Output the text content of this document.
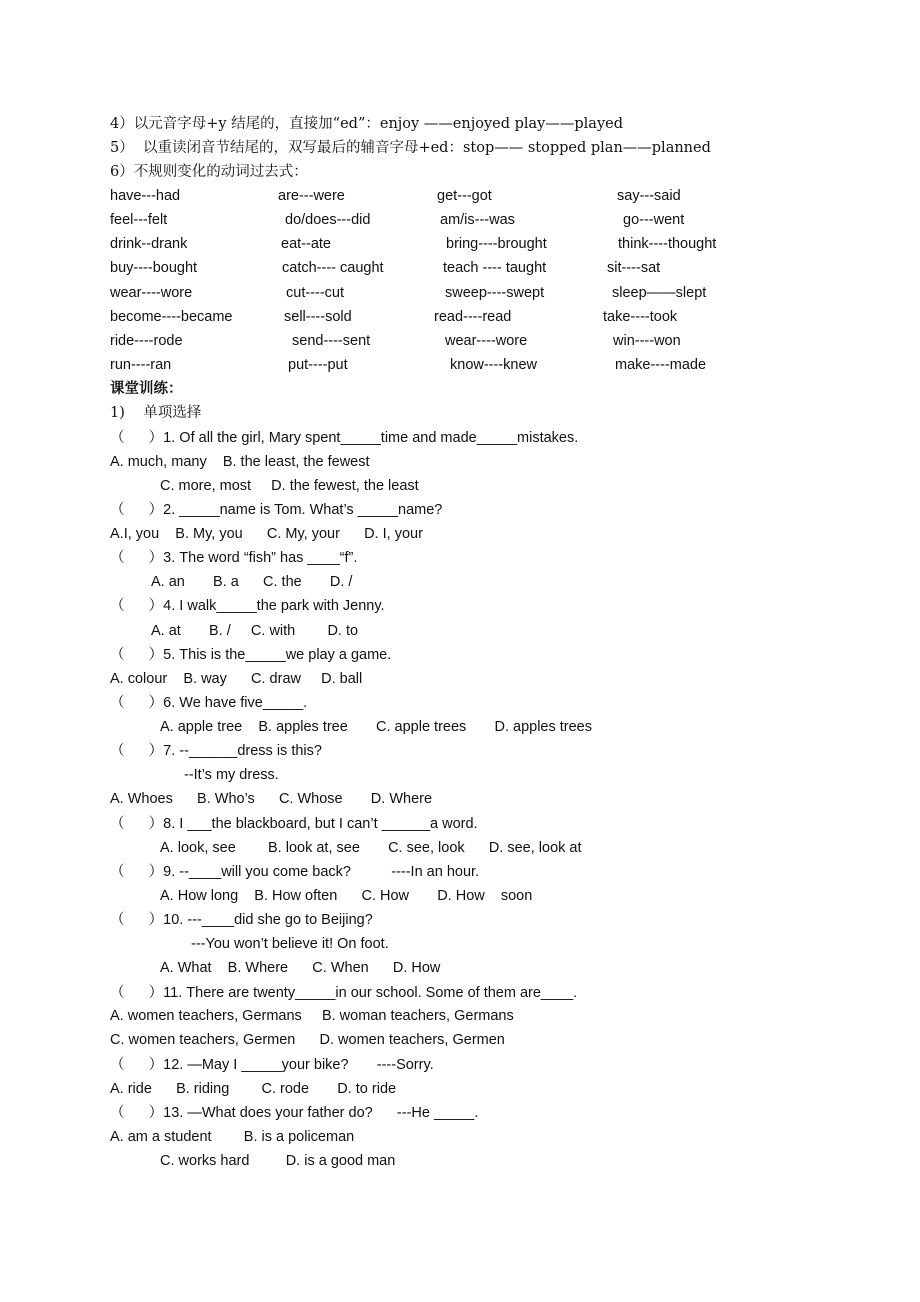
4）以元音字母+y 结尾的，直接加“ed”：enjoy ——enjoyed play——played
5）  以重读闭音节结尾的，双写最后的辅音字母+ed：stop—— stopped plan——planned
6）不规则变化的动词过去式：
have---had	are---were	get---got	say---said
feel---felt	do/does---did	am/is---was	go---went
drink--drank	eat--ate	bring----brought	think----thought
buy----bought	catch---- caught	teach ---- taught	sit----sat
wear----wore	cut----cut	sweep----swept	sleep——slept
become----became	sell----sold	read----read	take----took
ride----rode	send----sent	wear----wore	win----won
run----ran	put----put	know----knew	make----made
课堂训练：
1)    单项选择
（      ）1. Of all the girl, Mary spent_____time and made_____mistakes.
A. much, many    B. the least, the fewest
C. more, most     D. the fewest, the least
（      ）2. _____name is Tom. What’s _____name?
A.I, you    B. My, you      C. My, your      D. I, your
（      ）3. The word “fish” has ____“f”.
A. an       B. a      C. the       D. /
（      ）4. I walk_____the park with Jenny.
A. at       B. /     C. with        D. to
（      ）5. This is the_____we play a game.
A. colour    B. way      C. draw     D. ball
（      ）6. We have five_____.
A. apple tree    B. apples tree       C. apple trees       D. apples trees
（      ）7. --______dress is this?
--It’s my dress.
A. Whoes      B. Who’s      C. Whose       D. Where
（      ）8. I ___the blackboard, but I can’t ______a word.
A. look, see        B. look at, see       C. see, look      D. see, look at
（      ）9. --____will you come back?          ----In an hour.
A. How long    B. How often      C. How       D. How    soon
（      ）10. ---____did she go to Beijing?
---You won’t believe it! On foot.
A. What    B. Where      C. When      D. How
（      ）11. There are twenty_____in our school. Some of them are____.
A. women teachers, Germans     B. woman teachers, Germans
C. women teachers, Germen      D. women teachers, Germen
（      ）12. —May I _____your bike?       ----Sorry.
A. ride      B. riding        C. rode       D. to ride
（      ）13. —What does your father do?      ---He _____.
A. am a student        B. is a policeman
C. works hard         D. is a good man
